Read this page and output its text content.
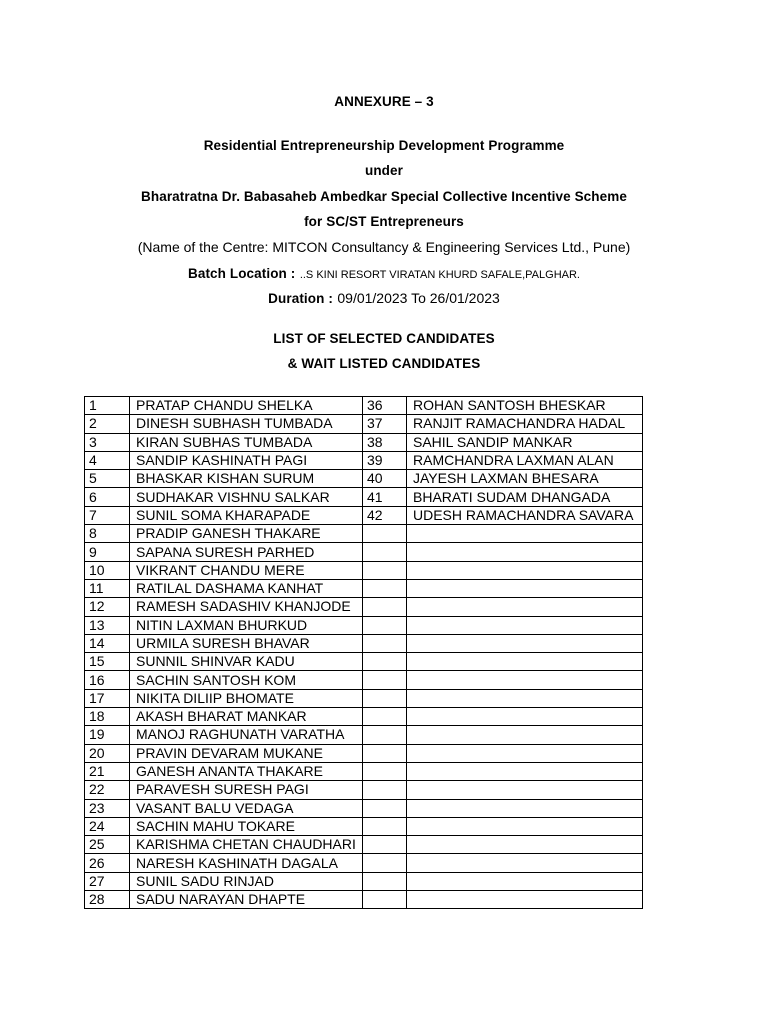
ANNEXURE – 3
Residential Entrepreneurship Development Programme
under
Bharatratna Dr. Babasaheb Ambedkar Special Collective Incentive Scheme
for SC/ST Entrepreneurs
(Name of the Centre: MITCON Consultancy & Engineering Services Ltd., Pune)
Batch Location : ..S KINI RESORT VIRATAN KHURD SAFALE,PALGHAR.
Duration : 09/01/2023 To 26/01/2023
LIST OF SELECTED CANDIDATES
& WAIT LISTED CANDIDATES
1	PRATAP CHANDU SHELKA	36	ROHAN SANTOSH BHESKAR
2	DINESH SUBHASH TUMBADA	37	RANJIT RAMACHANDRA HADAL
3	KIRAN SUBHAS TUMBADA	38	SAHIL SANDIP MANKAR
4	SANDIP KASHINATH PAGI	39	RAMCHANDRA LAXMAN ALAN
5	BHASKAR KISHAN SURUM	40	JAYESH LAXMAN BHESARA
6	SUDHAKAR VISHNU SALKAR	41	BHARATI SUDAM DHANGADA
7	SUNIL SOMA KHARAPADE	42	UDESH RAMACHANDRA SAVARA
8	PRADIP GANESH THAKARE		
9	SAPANA SURESH PARHED		
10	VIKRANT CHANDU MERE		
11	RATILAL DASHAMA KANHAT		
12	RAMESH SADASHIV KHANJODE		
13	NITIN LAXMAN BHURKUD		
14	URMILA SURESH BHAVAR		
15	SUNNIL SHINVAR KADU		
16	SACHIN SANTOSH KOM		
17	NIKITA DILIIP BHOMATE		
18	AKASH BHARAT MANKAR		
19	MANOJ RAGHUNATH VARATHA		
20	PRAVIN DEVARAM MUKANE		
21	GANESH ANANTA THAKARE		
22	PARAVESH SURESH PAGI		
23	VASANT BALU VEDAGA		
24	SACHIN MAHU TOKARE		
25	KARISHMA CHETAN CHAUDHARI		
26	NARESH KASHINATH DAGALA		
27	SUNIL SADU RINJAD		
28	SADU NARAYAN DHAPTE		
